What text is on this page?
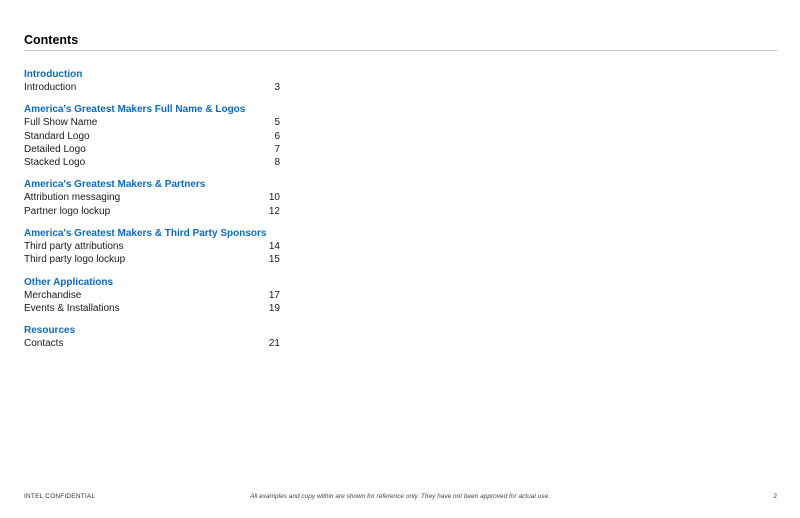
Contents
Introduction
Introduction	3
America's Greatest Makers Full Name & Logos
Full Show Name	5
Standard Logo	6
Detailed Logo	7
Stacked Logo	8
America's Greatest Makers & Partners
Attribution messaging	10
Partner logo lockup	12
America's Greatest Makers & Third Party Sponsors
Third party attributions	14
Third party logo lockup	15
Other Applications
Merchandise	17
Events & Installations	19
Resources
Contacts	21
INTEL CONFIDENTIAL	All examples and copy within are shown for reference only. They have not been approved for actual use.	2
